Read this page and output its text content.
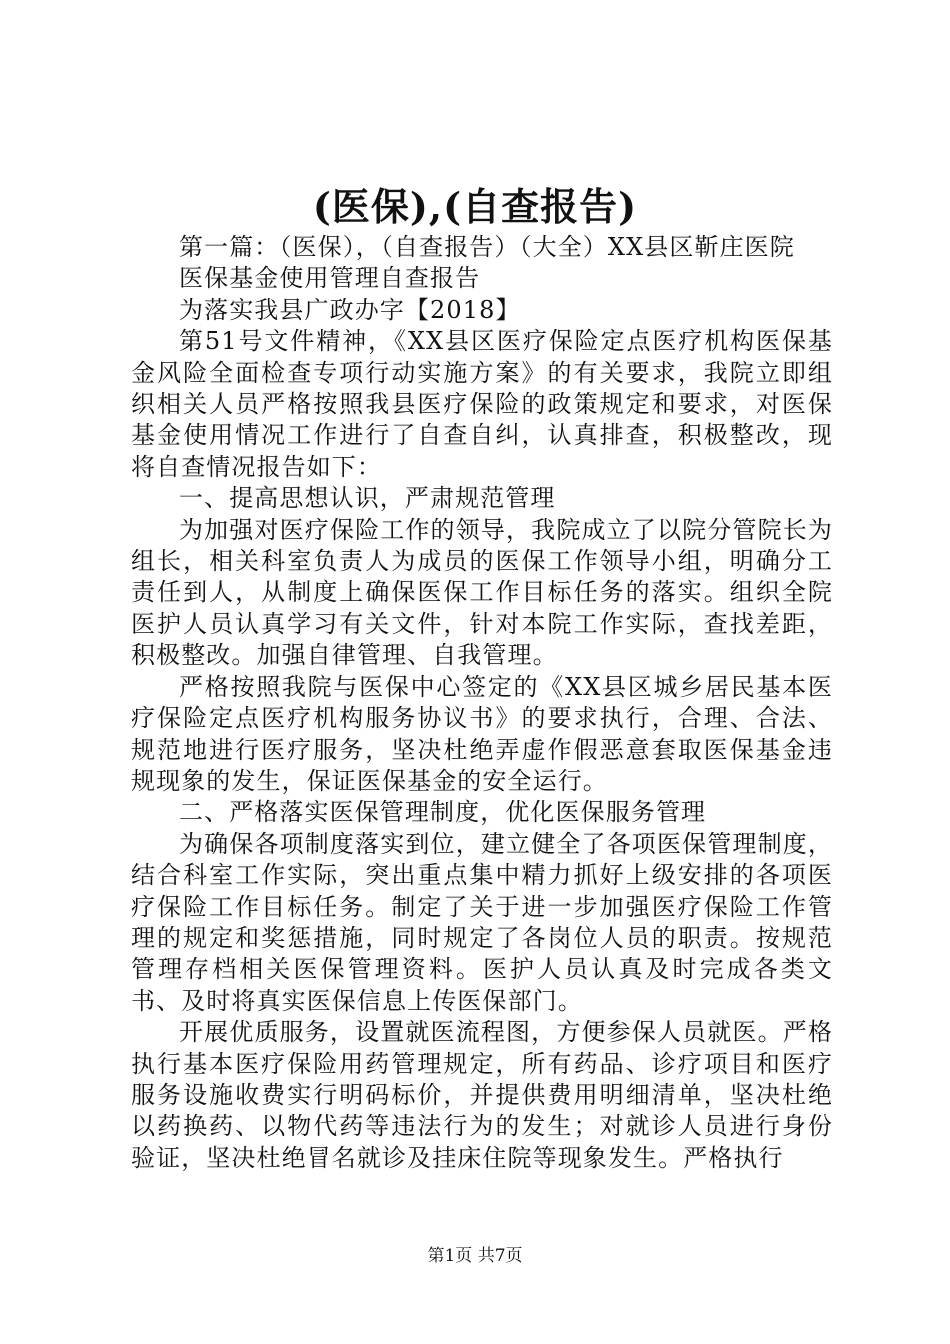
(医保),(自查报告)

第一篇：（医保），（自查报告）（大全）XX县区靳庄医院

医保基金使用管理自查报告

为落实我县广政办字【2018】

第51号文件精神，《XX县区医疗保险定点医疗机构医保基金风险全面检查专项行动实施方案》的有关要求，我院立即组织相关人员严格按照我县医疗保险的政策规定和要求，对医保基金使用情况工作进行了自查自纠，认真排查，积极整改，现将自查情况报告如下：

一、提高思想认识，严肃规范管理

为加强对医疗保险工作的领导，我院成立了以院分管院长为组长，相关科室负责人为成员的医保工作领导小组，明确分工责任到人，从制度上确保医保工作目标任务的落实。组织全院医护人员认真学习有关文件，针对本院工作实际，查找差距，积极整改。加强自律管理、自我管理。

严格按照我院与医保中心签定的《XX县区城乡居民基本医疗保险定点医疗机构服务协议书》的要求执行，合理、合法、规范地进行医疗服务，坚决杜绝弄虚作假恶意套取医保基金违规现象的发生，保证医保基金的安全运行。

二、严格落实医保管理制度，优化医保服务管理

为确保各项制度落实到位，建立健全了各项医保管理制度，结合科室工作实际，突出重点集中精力抓好上级安排的各项医疗保险工作目标任务。制定了关于进一步加强医疗保险工作管理的规定和奖惩措施，同时规定了各岗位人员的职责。按规范管理存档相关医保管理资料。医护人员认真及时完成各类文书、及时将真实医保信息上传医保部门。

开展优质服务，设置就医流程图，方便参保人员就医。严格执行基本医疗保险用药管理规定，所有药品、诊疗项目和医疗服务设施收费实行明码标价，并提供费用明细清单，坚决杜绝以药换药、以物代药等违法行为的发生；对就诊人员进行身份验证，坚决杜绝冒名就诊及挂床住院等现象发生。严格执行

第1页 共7页
